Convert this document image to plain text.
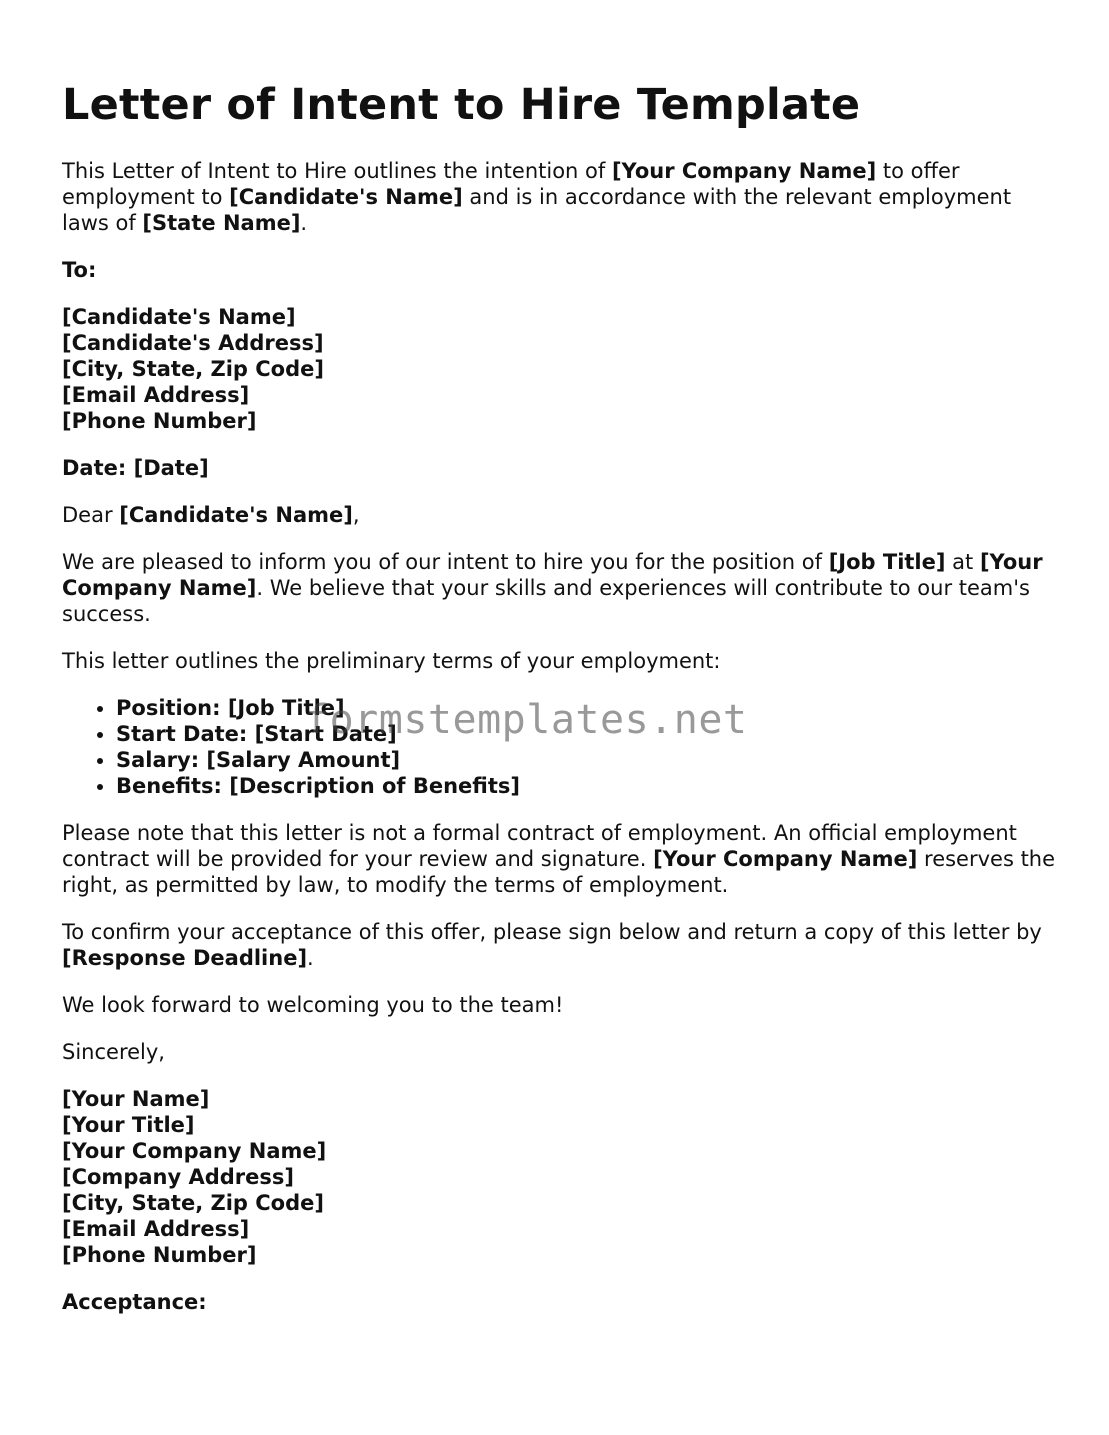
Letter of Intent to Hire Template

This Letter of Intent to Hire outlines the intention of [Your Company Name] to offer employment to [Candidate's Name] and is in accordance with the relevant employment laws of [State Name].

To:

[Candidate's Name]
[Candidate's Address]
[City, State, Zip Code]
[Email Address]
[Phone Number]

Date: [Date]

Dear [Candidate's Name],

We are pleased to inform you of our intent to hire you for the position of [Job Title] at [Your Company Name]. We believe that your skills and experiences will contribute to our team's success.

This letter outlines the preliminary terms of your employment:

• Position: [Job Title]
• Start Date: [Start Date]
• Salary: [Salary Amount]
• Benefits: [Description of Benefits]

Please note that this letter is not a formal contract of employment. An official employment contract will be provided for your review and signature. [Your Company Name] reserves the right, as permitted by law, to modify the terms of employment.

To confirm your acceptance of this offer, please sign below and return a copy of this letter by [Response Deadline].

We look forward to welcoming you to the team!

Sincerely,

[Your Name]
[Your Title]
[Your Company Name]
[Company Address]
[City, State, Zip Code]
[Email Address]
[Phone Number]

Acceptance:

formstemplates.net
